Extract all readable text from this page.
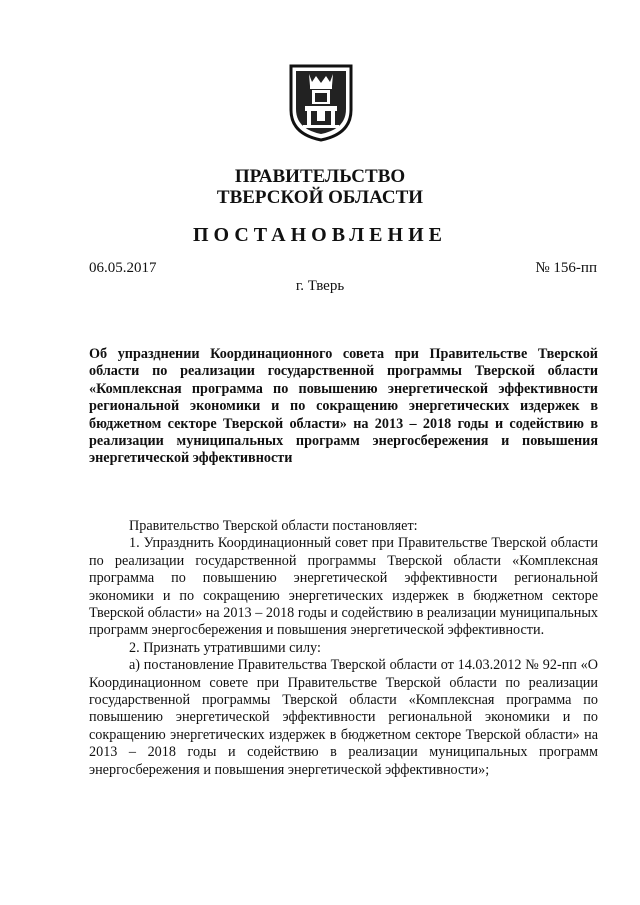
ПРАВИТЕЛЬСТВО
ТВЕРСКОЙ ОБЛАСТИ
ПОСТАНОВЛЕНИЕ
06.05.2017	№ 156-пп
г. Тверь
Об упразднении Координационного совета при Правительстве Тверской области по реализации государственной программы Тверской области «Комплексная программа по повышению энергетической эффективности региональной экономики и по сокращению энергетических издержек в бюджетном секторе Тверской области» на 2013 – 2018 годы и содействию в реализации муниципальных программ энергосбережения и повышения энергетической эффективности

Правительство Тверской области постановляет:

1. Упразднить Координационный совет при Правительстве Тверской области по реализации государственной программы Тверской области «Комплексная программа по повышению энергетической эффективности региональной экономики и по сокращению энергетических издержек в бюджетном секторе Тверской области» на 2013 – 2018 годы и содействию в реализации муниципальных программ энергосбережения и повышения энергетической эффективности.

2. Признать утратившими силу:

а) постановление Правительства Тверской области от 14.03.2012 № 92-пп «О Координационном совете при Правительстве Тверской области по реализации государственной программы Тверской области «Комплексная программа по повышению энергетической эффективности региональной экономики и по сокращению энергетических издержек в бюджетном секторе Тверской области» на 2013 – 2018 годы и содействию в реализации муниципальных программ энергосбережения и повышения энергетической эффективности»;
